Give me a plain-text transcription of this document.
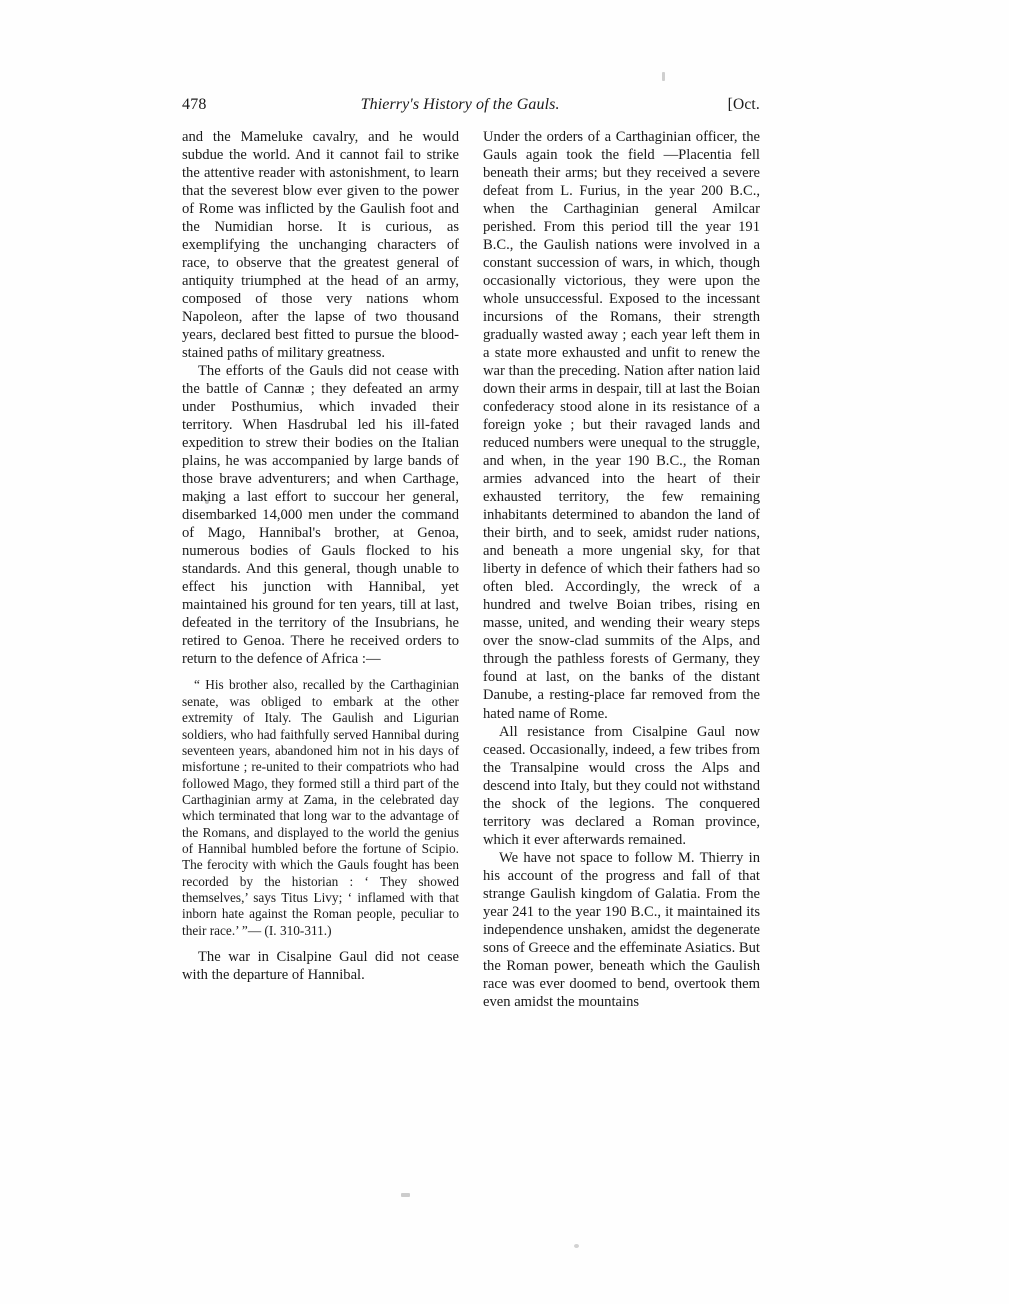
478	Thierry's History of the Gauls.	[Oct.

and the Mameluke cavalry, and he would subdue the world. And it cannot fail to strike the attentive reader with astonishment, to learn that the severest blow ever given to the power of Rome was inflicted by the Gaulish foot and the Numidian horse. It is curious, as exemplifying the unchanging characters of race, to observe that the greatest general of antiquity triumphed at the head of an army, composed of those very nations whom Napoleon, after the lapse of two thousand years, declared best fitted to pursue the blood-stained paths of military greatness.

The efforts of the Gauls did not cease with the battle of Cannæ ; they defeated an army under Posthumius, which invaded their territory. When Hasdrubal led his ill-fated expedition to strew their bodies on the Italian plains, he was accompanied by large bands of those brave adventurers; and when Carthage, making a last effort to succour her general, disembarked 14,000 men under the command of Mago, Hannibal's brother, at Genoa, numerous bodies of Gauls flocked to his standards. And this general, though unable to effect his junction with Hannibal, yet maintained his ground for ten years, till at last, defeated in the territory of the Insubrians, he retired to Genoa. There he received orders to return to the defence of Africa :—

“ His brother also, recalled by the Carthaginian senate, was obliged to embark at the other extremity of Italy. The Gaulish and Ligurian soldiers, who had faithfully served Hannibal during seventeen years, abandoned him not in his days of misfortune ; re-united to their compatriots who had followed Mago, they formed still a third part of the Carthaginian army at Zama, in the celebrated day which terminated that long war to the advantage of the Romans, and displayed to the world the genius of Hannibal humbled before the fortune of Scipio. The ferocity with which the Gauls fought has been recorded by the historian : ‘ They showed themselves,’ says Titus Livy; ‘ inflamed with that inborn hate against the Roman people, peculiar to their race.’ ”— (I. 310-311.)

The war in Cisalpine Gaul did not cease with the departure of Hannibal.

Under the orders of a Carthaginian officer, the Gauls again took the field —Placentia fell beneath their arms; but they received a severe defeat from L. Furius, in the year 200 B.C., when the Carthaginian general Amilcar perished. From this period till the year 191 B.C., the Gaulish nations were involved in a constant succession of wars, in which, though occasionally victorious, they were upon the whole unsuccessful. Exposed to the incessant incursions of the Romans, their strength gradually wasted away ; each year left them in a state more exhausted and unfit to renew the war than the preceding. Nation after nation laid down their arms in despair, till at last the Boian confederacy stood alone in its resistance of a foreign yoke ; but their ravaged lands and reduced numbers were unequal to the struggle, and when, in the year 190 B.C., the Roman armies advanced into the heart of their exhausted territory, the few remaining inhabitants determined to abandon the land of their birth, and to seek, amidst ruder nations, and beneath a more ungenial sky, for that liberty in defence of which their fathers had so often bled. Accordingly, the wreck of a hundred and twelve Boian tribes, rising en masse, united, and wending their weary steps over the snow-clad summits of the Alps, and through the pathless forests of Germany, they found at last, on the banks of the distant Danube, a resting-place far removed from the hated name of Rome.

All resistance from Cisalpine Gaul now ceased. Occasionally, indeed, a few tribes from the Transalpine would cross the Alps and descend into Italy, but they could not withstand the shock of the legions. The conquered territory was declared a Roman province, which it ever afterwards remained.

We have not space to follow M. Thierry in his account of the progress and fall of that strange Gaulish kingdom of Galatia. From the year 241 to the year 190 B.C., it maintained its independence unshaken, amidst the degenerate sons of Greece and the effeminate Asiatics. But the Roman power, beneath which the Gaulish race was ever doomed to bend, overtook them even amidst the mountains
